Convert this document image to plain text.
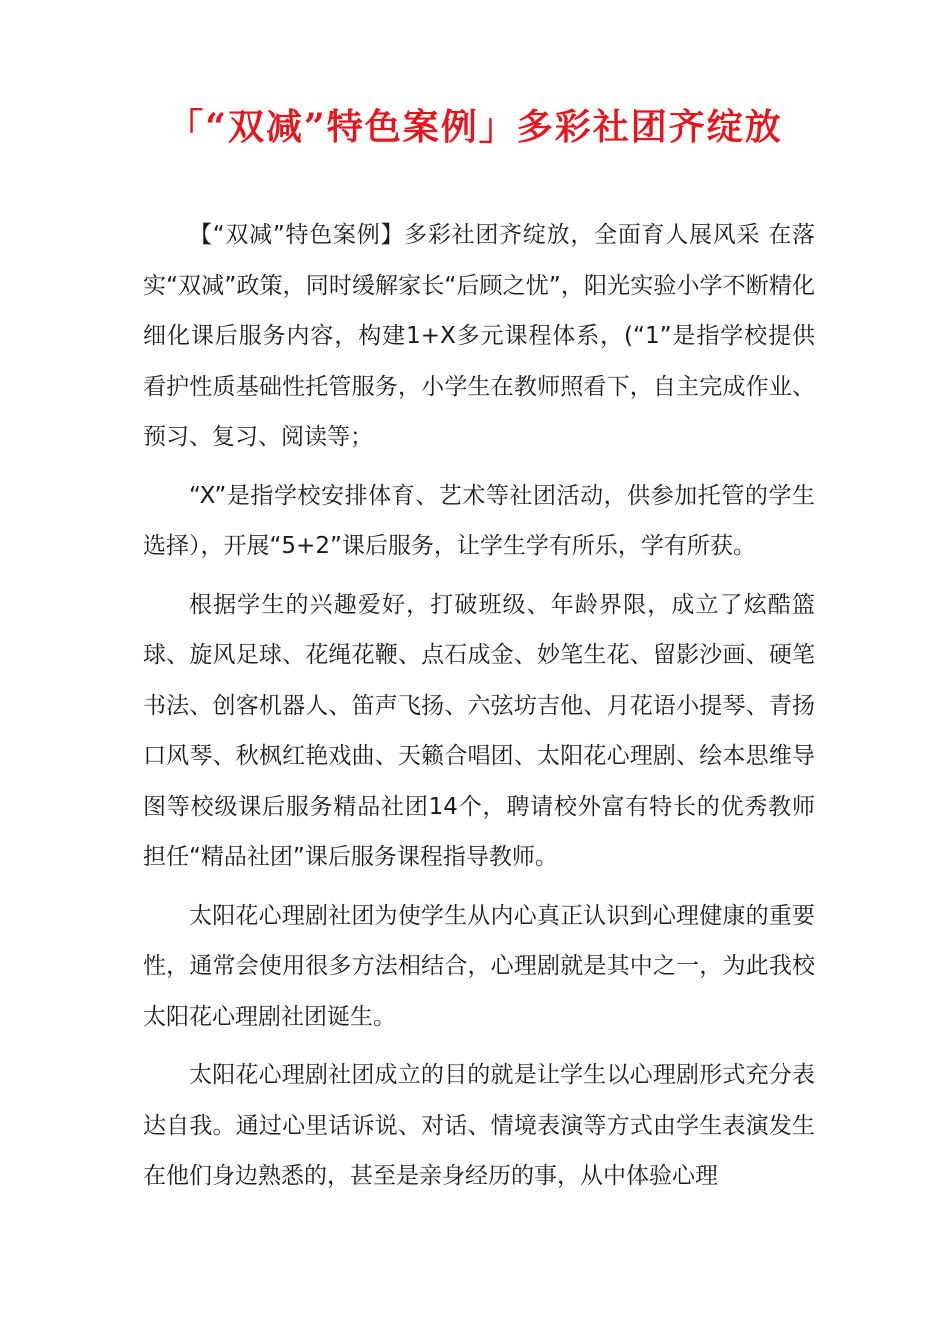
「“双减”特色案例」多彩社团齐绽放

【“双减”特色案例】多彩社团齐绽放，全面育人展风采 在落实“双减”政策，同时缓解家长“后顾之忧”，阳光实验小学不断精化细化课后服务内容，构建1+X多元课程体系，(“1”是指学校提供看护性质基础性托管服务，小学生在教师照看下，自主完成作业、预习、复习、阅读等；

“X”是指学校安排体育、艺术等社团活动，供参加托管的学生选择），开展“5+2”课后服务，让学生学有所乐，学有所获。

根据学生的兴趣爱好，打破班级、年龄界限，成立了炫酷篮球、旋风足球、花绳花鞭、点石成金、妙笔生花、留影沙画、硬笔书法、创客机器人、笛声飞扬、六弦坊吉他、月花语小提琴、青扬口风琴、秋枫红艳戏曲、天籁合唱团、太阳花心理剧、绘本思维导图等校级课后服务精品社团14个，聘请校外富有特长的优秀教师担任“精品社团”课后服务课程指导教师。

太阳花心理剧社团为使学生从内心真正认识到心理健康的重要性，通常会使用很多方法相结合，心理剧就是其中之一，为此我校太阳花心理剧社团诞生。

太阳花心理剧社团成立的目的就是让学生以心理剧形式充分表达自我。通过心里话诉说、对话、情境表演等方式由学生表演发生在他们身边熟悉的，甚至是亲身经历的事，从中体验心理
